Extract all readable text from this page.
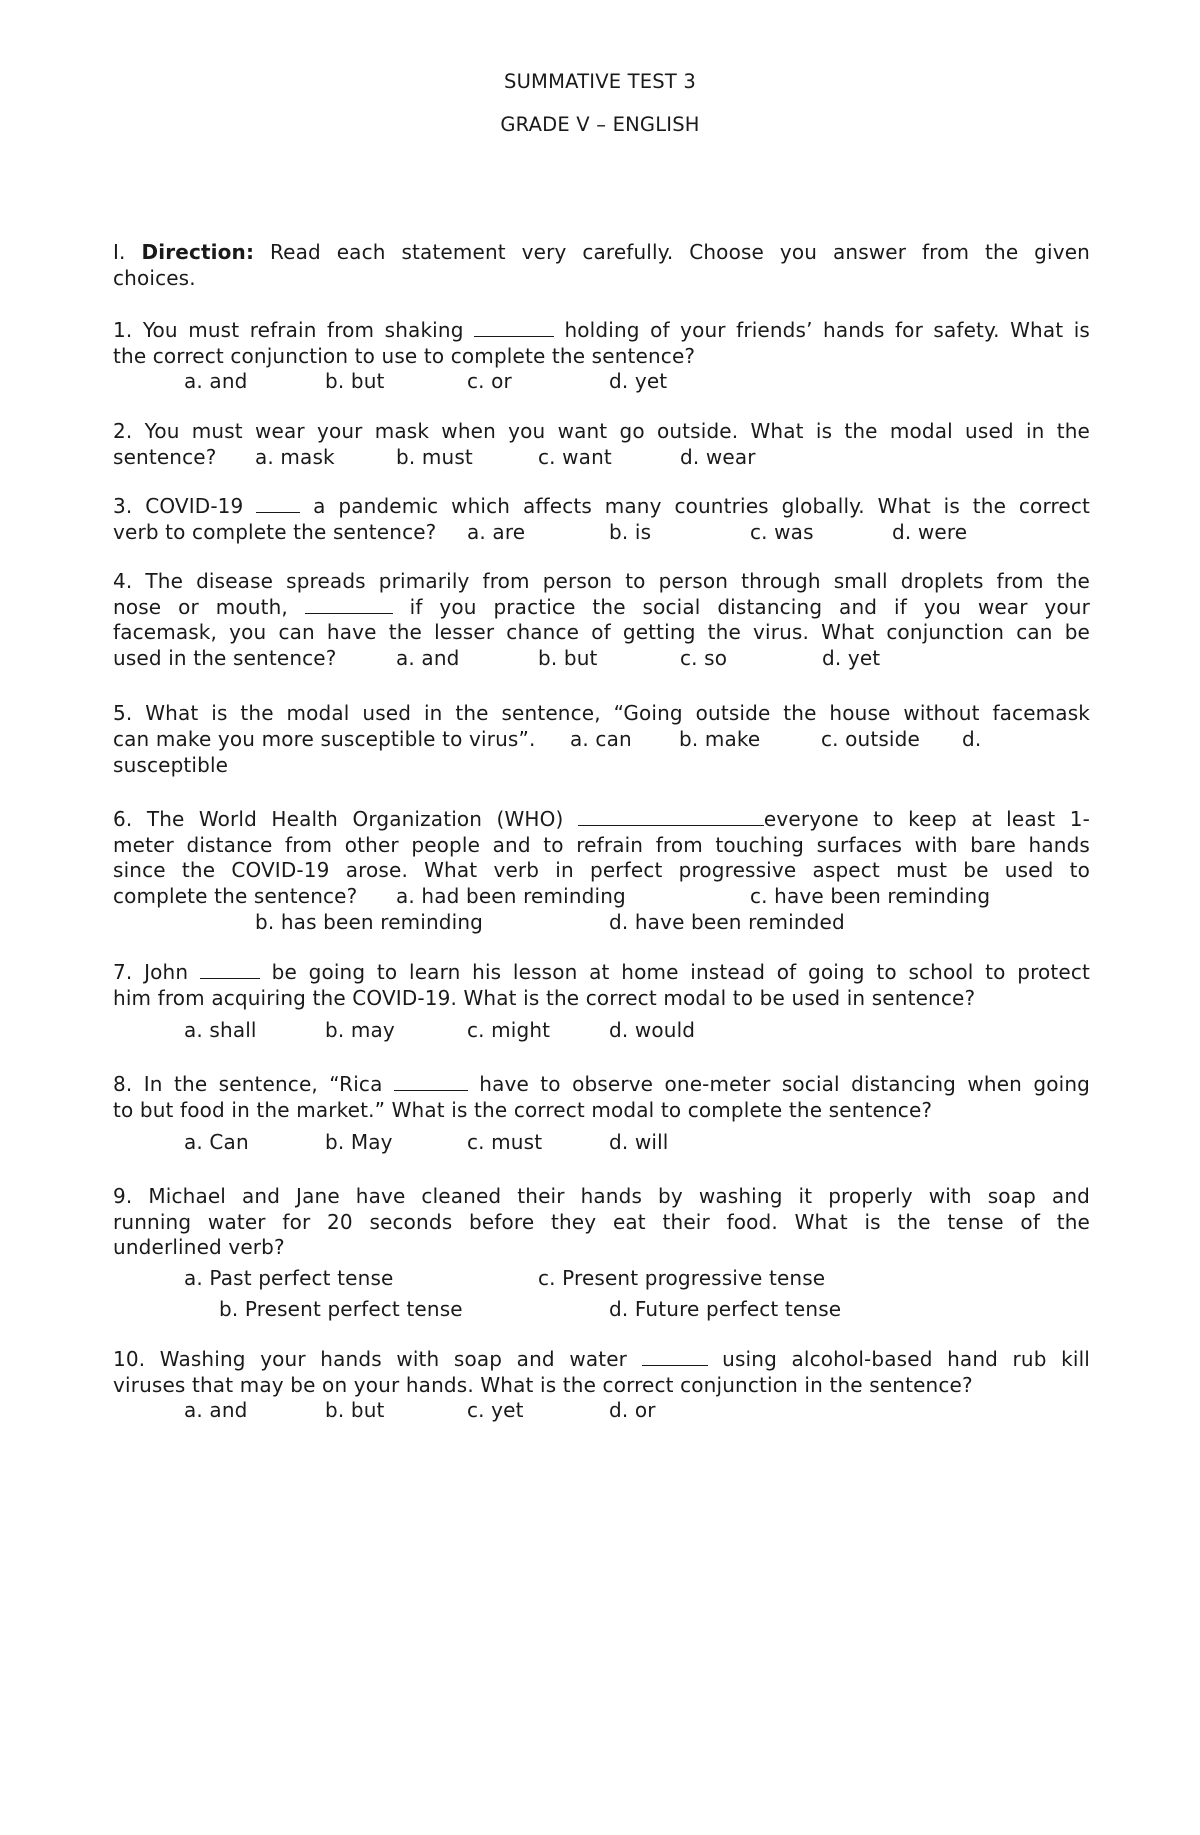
SUMMATIVE TEST 3
GRADE V – ENGLISH
I. Direction: Read each statement very carefully. Choose you answer from the given
choices.
1. You must refrain from shaking	holding of your friends’ hands for safety. What is
the correct conjunction to use to complete the sentence?
a. and	b. but	c. or	d. yet
2. You must wear your mask when you want go outside. What is the modal used in the
sentence?	a. mask	b. must	c. want	d. wear
3. COVID-19  a pandemic which affects many countries globally. What is the correct
verb to complete the sentence?	a. are	b. is	c. was	d. were
4. The disease spreads primarily from person to person through small droplets from the
nose or mouth,	if you practice the social distancing and if you wear your
facemask, you can have the lesser chance of getting the virus. What conjunction can be
used in the sentence?	a. and	b. but	c. so	d. yet
5. What is the modal used in the sentence, “Going outside the house without facemask
can make you more susceptible to virus”.	a. can b. make	c. outside d.
susceptible
6. The World Health Organization (WHO)	everyone to keep at least 1-
meter distance from other people and to refrain from touching surfaces with bare hands
since the COVID-19 arose. What verb in perfect progressive aspect must be used to
complete the sentence?	a. had been reminding	c. have been reminding
b. has been reminding	d. have been reminded
7. John	be going to learn his lesson at home instead of going to school to protect
him from acquiring the COVID-19. What is the correct modal to be used in sentence?
a. shall	b. may	c. might	d. would
8. In the sentence, “Rica	have to observe one-meter social distancing when going
to but food in the market.” What is the correct modal to complete the sentence?
a. Can	b. May	c. must	d. will
9. Michael and Jane have cleaned their hands by washing it properly with soap and
running water for 20 seconds before they eat their food. What is the tense of the
underlined verb?
a. Past perfect tense	c. Present progressive tense
b. Present perfect tense	d. Future perfect tense
10. Washing your hands with soap and water	using alcohol-based hand rub kill
viruses that may be on your hands. What is the correct conjunction in the sentence?
a. and	b. but	c. yet	d. or
